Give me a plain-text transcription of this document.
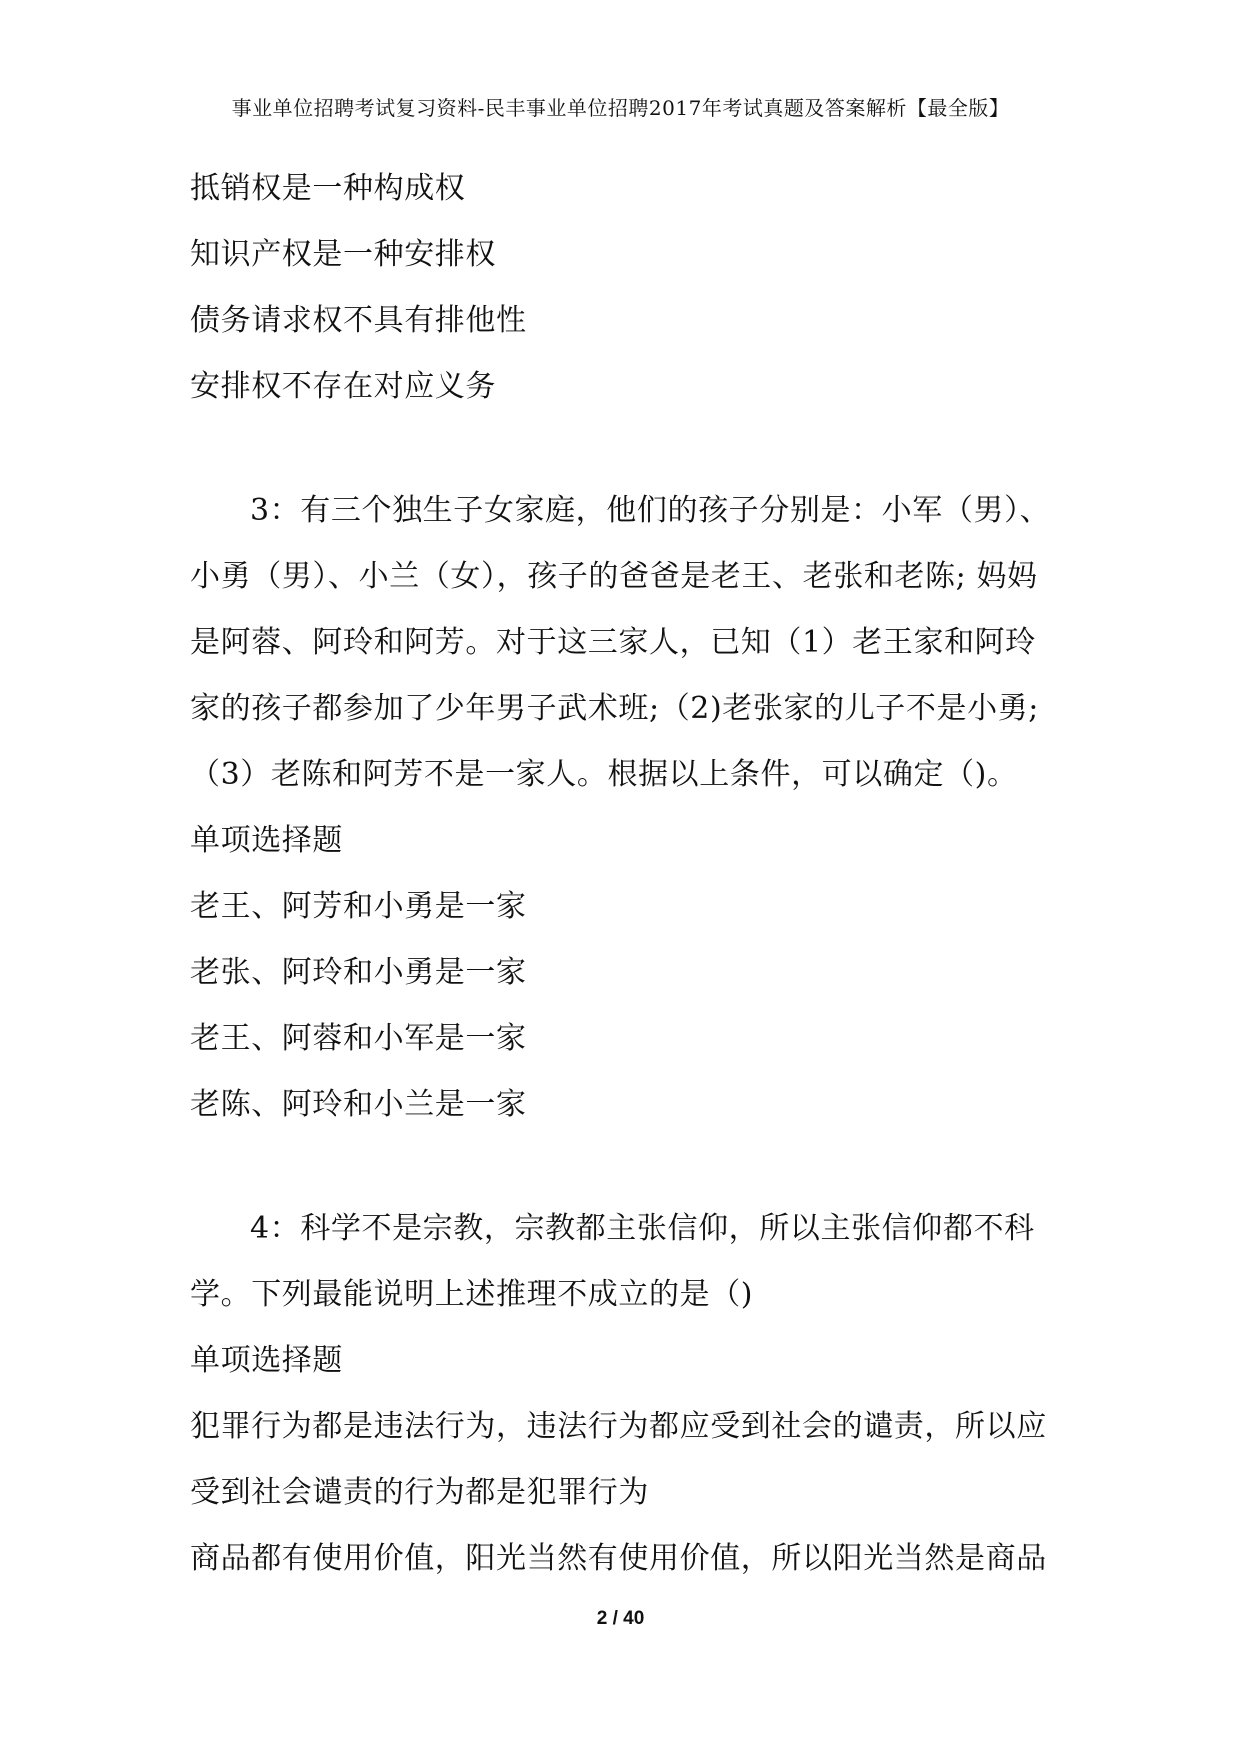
事业单位招聘考试复习资料-民丰事业单位招聘2017年考试真题及答案解析【最全版】
抵销权是一种构成权
知识产权是一种安排权
债务请求权不具有排他性
安排权不存在对应义务
3：有三个独生子女家庭，他们的孩子分别是：小军（男）、
小勇（男）、小兰（女），孩子的爸爸是老王、老张和老陈; 妈妈
是阿蓉、阿玲和阿芳。对于这三家人，已知（1）老王家和阿玲
家的孩子都参加了少年男子武术班;（2)老张家的儿子不是小勇;
（3）老陈和阿芳不是一家人。根据以上条件，可以确定（)。
单项选择题
老王、阿芳和小勇是一家
老张、阿玲和小勇是一家
老王、阿蓉和小军是一家
老陈、阿玲和小兰是一家
4：科学不是宗教，宗教都主张信仰，所以主张信仰都不科
学。下列最能说明上述推理不成立的是（)
单项选择题
犯罪行为都是违法行为，违法行为都应受到社会的谴责，所以应
受到社会谴责的行为都是犯罪行为
商品都有使用价值，阳光当然有使用价值，所以阳光当然是商品
2 / 40
